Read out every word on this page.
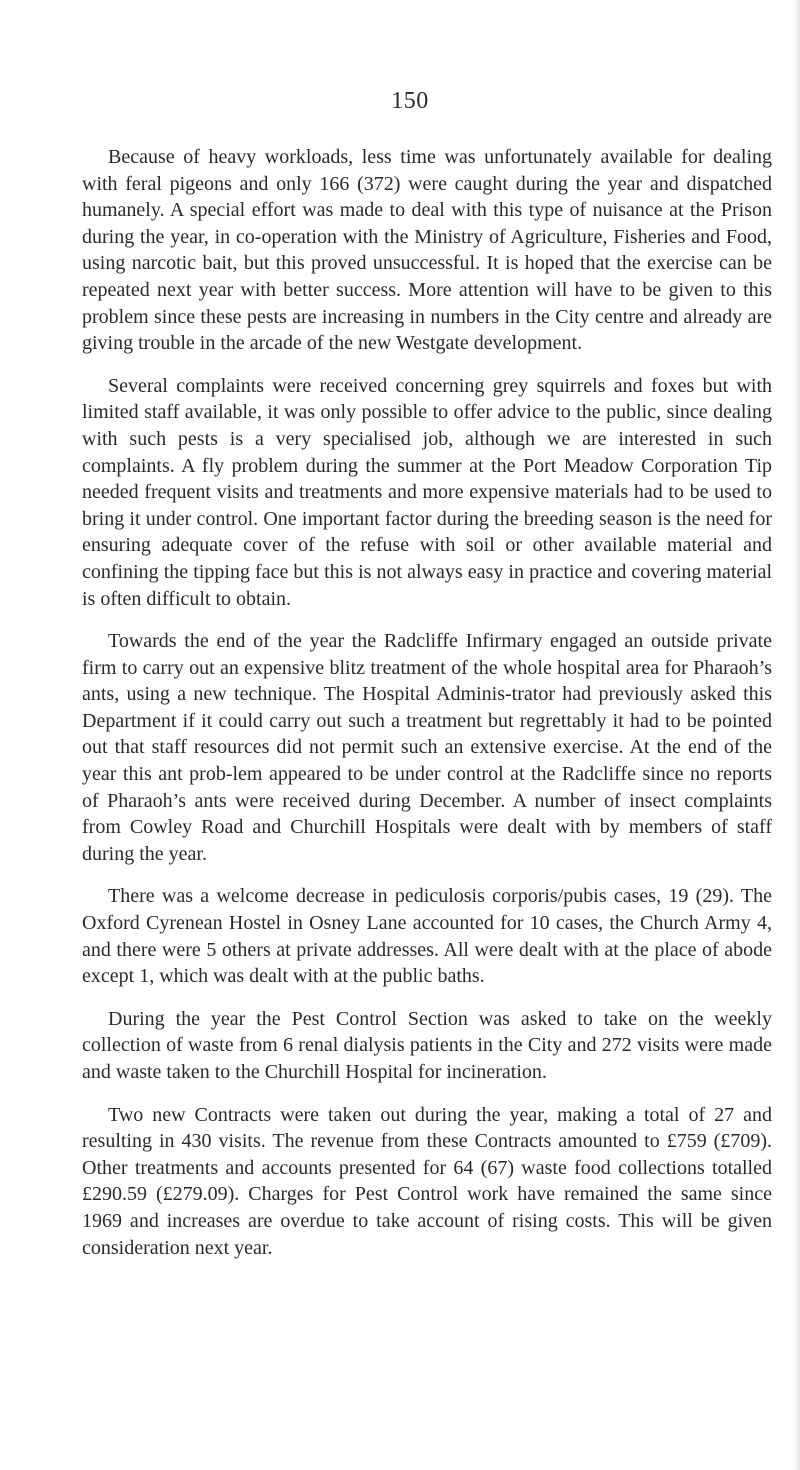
150

Because of heavy workloads, less time was unfortunately available for dealing with feral pigeons and only 166 (372) were caught during the year and dispatched humanely. A special effort was made to deal with this type of nuisance at the Prison during the year, in co-operation with the Ministry of Agriculture, Fisheries and Food, using narcotic bait, but this proved unsuccessful. It is hoped that the exercise can be repeated next year with better success. More attention will have to be given to this problem since these pests are increasing in numbers in the City centre and already are giving trouble in the arcade of the new Westgate development.

Several complaints were received concerning grey squirrels and foxes but with limited staff available, it was only possible to offer advice to the public, since dealing with such pests is a very specialised job, although we are interested in such complaints. A fly problem during the summer at the Port Meadow Corporation Tip needed frequent visits and treatments and more expensive materials had to be used to bring it under control. One important factor during the breeding season is the need for ensuring adequate cover of the refuse with soil or other available material and confining the tipping face but this is not always easy in practice and covering material is often difficult to obtain.

Towards the end of the year the Radcliffe Infirmary engaged an outside private firm to carry out an expensive blitz treatment of the whole hospital area for Pharaoh’s ants, using a new technique. The Hospital Adminis-trator had previously asked this Department if it could carry out such a treatment but regrettably it had to be pointed out that staff resources did not permit such an extensive exercise. At the end of the year this ant prob-lem appeared to be under control at the Radcliffe since no reports of Pharaoh’s ants were received during December. A number of insect complaints from Cowley Road and Churchill Hospitals were dealt with by members of staff during the year.

There was a welcome decrease in pediculosis corporis/pubis cases, 19 (29). The Oxford Cyrenean Hostel in Osney Lane accounted for 10 cases, the Church Army 4, and there were 5 others at private addresses. All were dealt with at the place of abode except 1, which was dealt with at the public baths.

During the year the Pest Control Section was asked to take on the weekly collection of waste from 6 renal dialysis patients in the City and 272 visits were made and waste taken to the Churchill Hospital for incineration.

Two new Contracts were taken out during the year, making a total of 27 and resulting in 430 visits. The revenue from these Contracts amounted to £759 (£709). Other treatments and accounts presented for 64 (67) waste food collections totalled £290.59 (£279.09). Charges for Pest Control work have remained the same since 1969 and increases are overdue to take account of rising costs. This will be given consideration next year.
